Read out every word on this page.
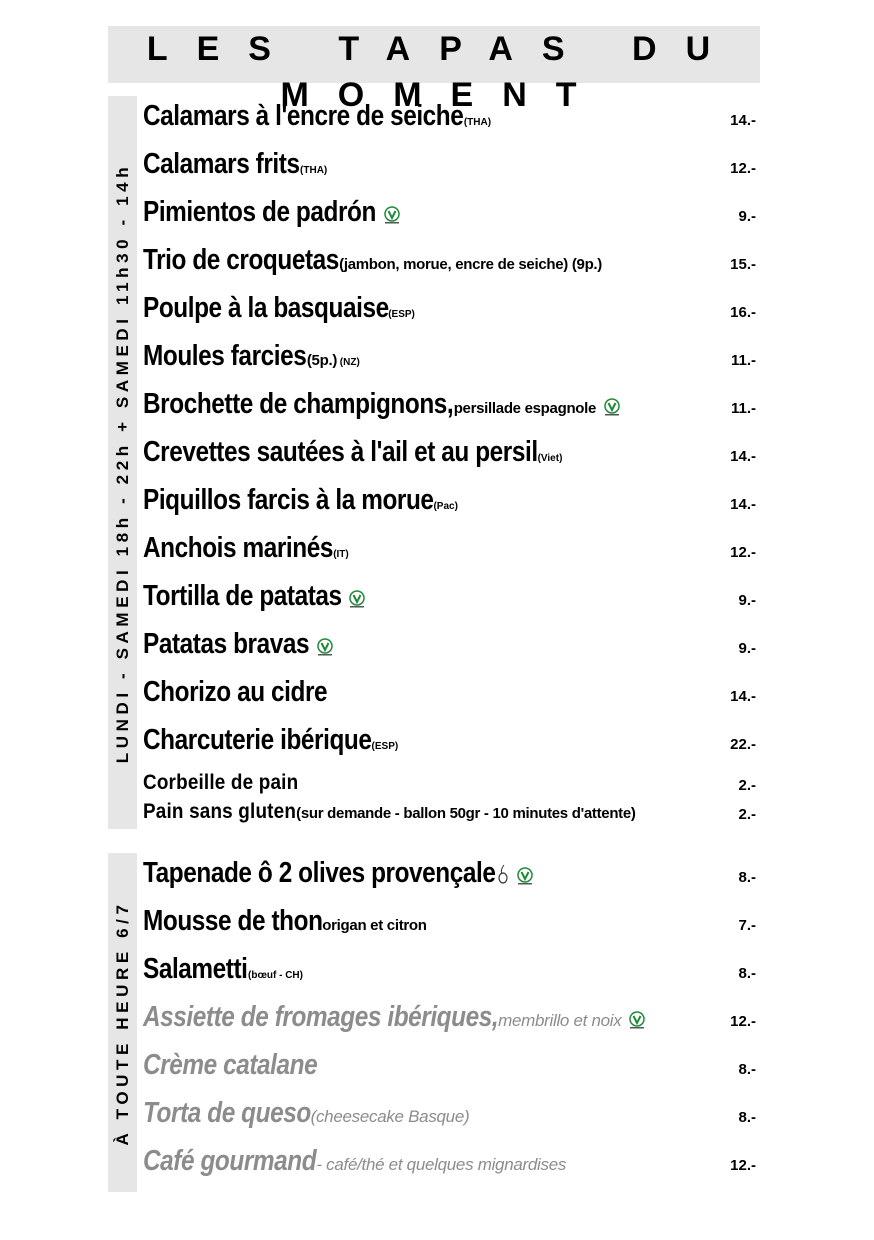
LES TAPAS DU MOMENT
LUNDI - SAMEDI 18h - 22h + SAMEDI 11h30 - 14h
À TOUTE HEURE 6/7
Calamars à l'encre de seiche(THA)	14.-
Calamars frits(THA)	12.-
Pimientos de padrón	9.-
Trio de croquetas(jambon, morue, encre de seiche) (9p.)	15.-
Poulpe à la basquaise(ESP)	16.-
Moules farcies(5p.) (NZ)	11.-
Brochette de champignons,persillade espagnole	11.-
Crevettes sautées à l'ail et au persil(Viet)	14.-
Piquillos farcis à la morue(Pac)	14.-
Anchois marinés(IT)	12.-
Tortilla de patatas	9.-
Patatas bravas	9.-
Chorizo au cidre	14.-
Charcuterie ibérique(ESP)	22.-
Corbeille de pain	2.-
Pain sans gluten(sur demande - ballon 50gr - 10 minutes d'attente)	2.-
Tapenade ô 2 olives provençale	8.-
Mousse de thonorigan et citron	7.-
Salametti(bœuf - CH)	8.-
Assiette de fromages ibériques,membrillo et noix	12.-
Crème catalane	8.-
Torta de queso(cheesecake Basque)	8.-
Café gourmand- café/thé et quelques mignardises	12.-
